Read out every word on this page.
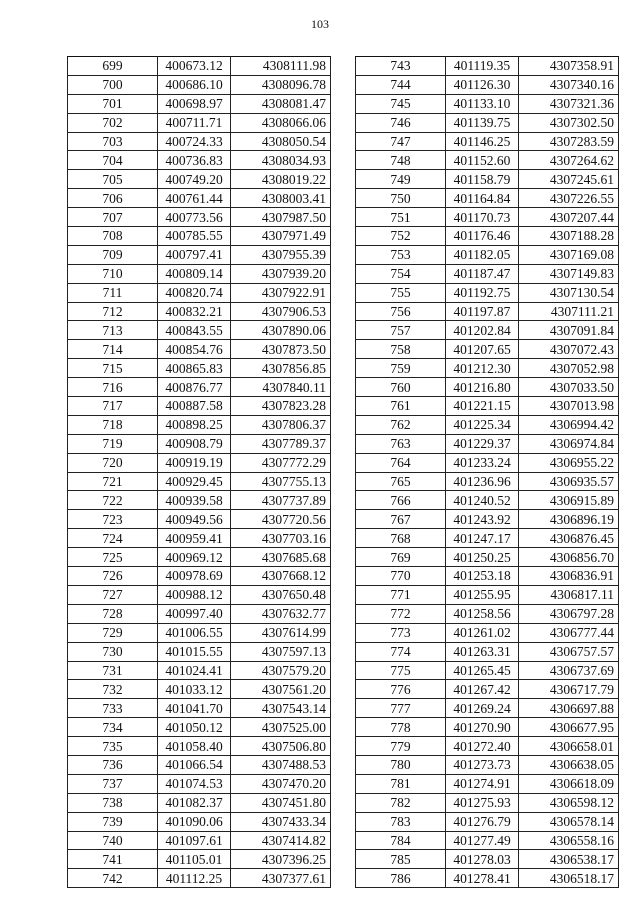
103
699	400673.12	4308111.98
700	400686.10	4308096.78
701	400698.97	4308081.47
702	400711.71	4308066.06
703	400724.33	4308050.54
704	400736.83	4308034.93
705	400749.20	4308019.22
706	400761.44	4308003.41
707	400773.56	4307987.50
708	400785.55	4307971.49
709	400797.41	4307955.39
710	400809.14	4307939.20
711	400820.74	4307922.91
712	400832.21	4307906.53
713	400843.55	4307890.06
714	400854.76	4307873.50
715	400865.83	4307856.85
716	400876.77	4307840.11
717	400887.58	4307823.28
718	400898.25	4307806.37
719	400908.79	4307789.37
720	400919.19	4307772.29
721	400929.45	4307755.13
722	400939.58	4307737.89
723	400949.56	4307720.56
724	400959.41	4307703.16
725	400969.12	4307685.68
726	400978.69	4307668.12
727	400988.12	4307650.48
728	400997.40	4307632.77
729	401006.55	4307614.99
730	401015.55	4307597.13
731	401024.41	4307579.20
732	401033.12	4307561.20
733	401041.70	4307543.14
734	401050.12	4307525.00
735	401058.40	4307506.80
736	401066.54	4307488.53
737	401074.53	4307470.20
738	401082.37	4307451.80
739	401090.06	4307433.34
740	401097.61	4307414.82
741	401105.01	4307396.25
742	401112.25	4307377.61
743	401119.35	4307358.91
744	401126.30	4307340.16
745	401133.10	4307321.36
746	401139.75	4307302.50
747	401146.25	4307283.59
748	401152.60	4307264.62
749	401158.79	4307245.61
750	401164.84	4307226.55
751	401170.73	4307207.44
752	401176.46	4307188.28
753	401182.05	4307169.08
754	401187.47	4307149.83
755	401192.75	4307130.54
756	401197.87	4307111.21
757	401202.84	4307091.84
758	401207.65	4307072.43
759	401212.30	4307052.98
760	401216.80	4307033.50
761	401221.15	4307013.98
762	401225.34	4306994.42
763	401229.37	4306974.84
764	401233.24	4306955.22
765	401236.96	4306935.57
766	401240.52	4306915.89
767	401243.92	4306896.19
768	401247.17	4306876.45
769	401250.25	4306856.70
770	401253.18	4306836.91
771	401255.95	4306817.11
772	401258.56	4306797.28
773	401261.02	4306777.44
774	401263.31	4306757.57
775	401265.45	4306737.69
776	401267.42	4306717.79
777	401269.24	4306697.88
778	401270.90	4306677.95
779	401272.40	4306658.01
780	401273.73	4306638.05
781	401274.91	4306618.09
782	401275.93	4306598.12
783	401276.79	4306578.14
784	401277.49	4306558.16
785	401278.03	4306538.17
786	401278.41	4306518.17
